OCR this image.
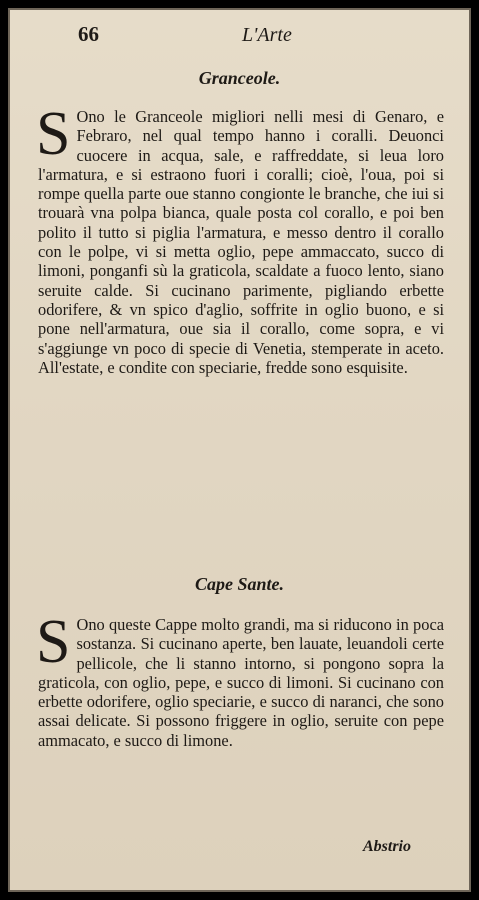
66	L'Arte
Granceole.
S Ono le Granceole migliori nelli mesi di Genaro, e Febraro, nel qual tempo hanno i coralli. Deuonci cuocere in acqua, sale, e raffreddate, si leua loro l'armatura, e si estraono fuori i coralli; cioè, l'oua, poi si rompe quella parte oue stanno congionte le branche, che iui si trouarà vna polpa bianca, quale posta col corallo, e poi ben polito il tutto si piglia l'armatura, e messo dentro il corallo con le polpe, vi si metta oglio, pepe ammaccato, succo di limoni, ponganfi sù la graticola, scaldate a fuoco lento, siano seruite calde. Si cucinano parimente, pigliando erbette odorifere, & vn spico d'aglio, soffrite in oglio buono, e si pone nell'armatura, oue sia il corallo, come sopra, e vi s'aggiunge vn poco di specie di Venetia, stemperate in aceto. All'estate, e condite con speciarie, fredde sono esquisite.
Cape Sante.
S Ono queste Cappe molto grandi, ma si riducono in poca sostanza. Si cucinano aperte, ben lauate, leuandoli certe pellicole, che li stanno intorno, si pongono sopra la graticola, con oglio, pepe, e succo di limoni. Si cucinano con erbette odorifere, oglio speciarie, e succo di naranci, che sono assai delicate. Si possono friggere in oglio, seruite con pepe ammacato, e succo di limone.
Abstrio
